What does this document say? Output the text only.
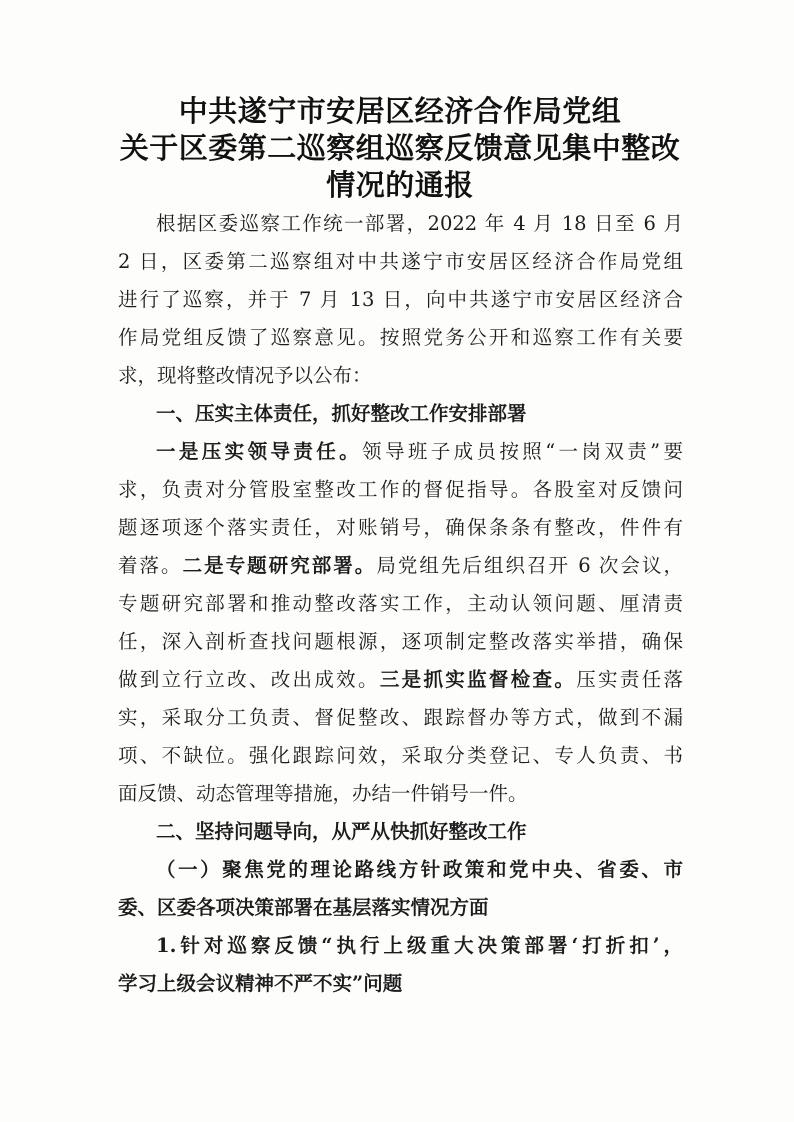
中共遂宁市安居区经济合作局党组
关于区委第二巡察组巡察反馈意见集中整改
情况的通报
根据区委巡察工作统一部署，2022 年 4 月 18 日至 6 月
2 日，区委第二巡察组对中共遂宁市安居区经济合作局党组
进行了巡察，并于 7 月 13 日，向中共遂宁市安居区经济合
作局党组反馈了巡察意见。按照党务公开和巡察工作有关要
求，现将整改情况予以公布：
一、压实主体责任，抓好整改工作安排部署
一是压实领导责任。领导班子成员按照“一岗双责”要
求，负责对分管股室整改工作的督促指导。各股室对反馈问
题逐项逐个落实责任，对账销号，确保条条有整改，件件有
着落。二是专题研究部署。局党组先后组织召开 6 次会议，
专题研究部署和推动整改落实工作，主动认领问题、厘清责
任，深入剖析查找问题根源，逐项制定整改落实举措，确保
做到立行立改、改出成效。三是抓实监督检查。压实责任落
实，采取分工负责、督促整改、跟踪督办等方式，做到不漏
项、不缺位。强化跟踪问效，采取分类登记、专人负责、书
面反馈、动态管理等措施，办结一件销号一件。
二、坚持问题导向，从严从快抓好整改工作
（一）聚焦党的理论路线方针政策和党中央、省委、市
委、区委各项决策部署在基层落实情况方面
1.针对巡察反馈“执行上级重大决策部署‘打折扣’，
学习上级会议精神不严不实”问题
